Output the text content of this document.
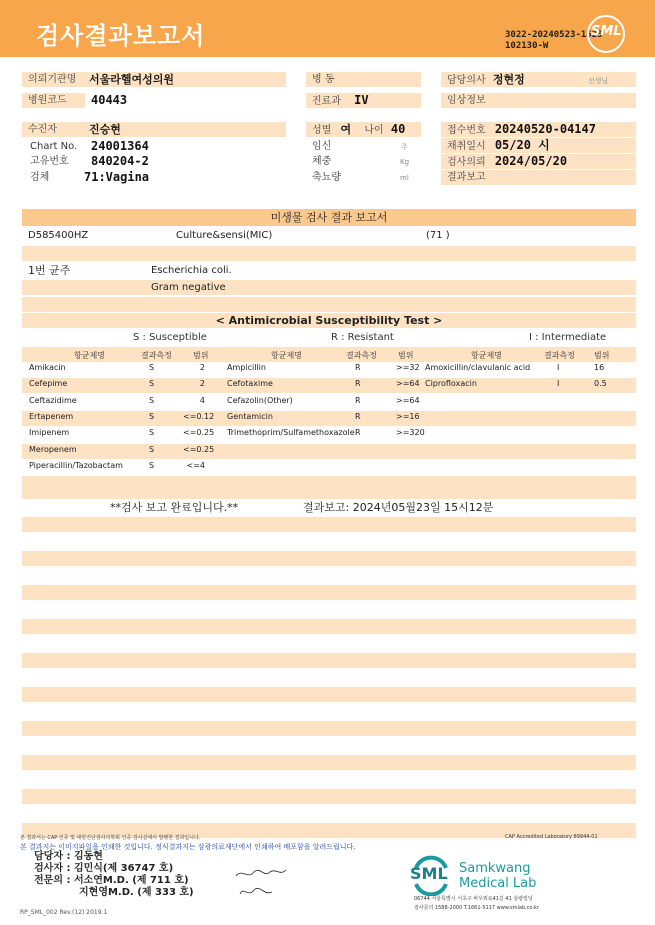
검사결과보고서	3022-20240523-1525
102130-W
SML
의뢰기관명	서울라헬여성의원
병원코드	40443
수진자	진승현
Chart No. 24001364
고유번호 840204-2
검체	71:Vagina
병 동
진료과 IV
성별 여 나이 40
임신	주
체중	Kg
축뇨량	ml
담당의사 정현정	선생님
임상정보
접수번호 20240520-04147
채취일시 05/20 시
검사의뢰 2024/05/20
결과보고
미생물 검사 결과 보고서
D585400HZ	Culture&sensi(MIC)	(71 )
1번 균주	Escherichia coli.
Gram negative
< Antimicrobial Susceptibility Test >
S : Susceptible	R : Resistant	I : Intermediate
항균제명	결과측정	범위	항균제명	결과측정	범위	항균제명	결과측정 범위
Amikacin	S	2
Cefepime	S	2
Ceftazidime	S	4
Ertapenem	S	<=0.12
Imipenem	S	<=0.25
Meropenem	S	<=0.25
Piperacillin/Tazobactam	S	<=4
Ampicillin	R	>=32
Cefotaxime	R	>=64
Cefazolin(Other)	R	>=64
Gentamicin	R	>=16
Trimethoprim/Sulfamethoxazole R	>=320
Amoxicillin/clavulanic acid	I	16
Ciprofloxacin	I	0.5
**검사 보고 완료입니다.**	결과보고: 2024년05월23일 15시12분
본 결과서는 CAP 인증 및 대한진단검사의학회 인증 검사실에서 발행한 결과입니다.	CAP Accredited Laboratory 89944-01
본 결과지는 이미지파일을 인쇄한 것입니다. 정식결과지는 삼광의료재단에서 인쇄하여 배포함을 알려드립니다.
담당자 : 김동현
검사자 : 김민식(제 36747 호)
전문의 : 서소연M.D. (제 711 호)
지현영M.D. (제 333 호)
SML Samkwang
Medical Lab
06744 서울특별시 서초구 바우뫼로41길 41 삼광빌딩
검사문의 1588-2000 T.1661-5117 www.smlab.co.kr
RP_SML_002 Rev.(12) 2019.1
